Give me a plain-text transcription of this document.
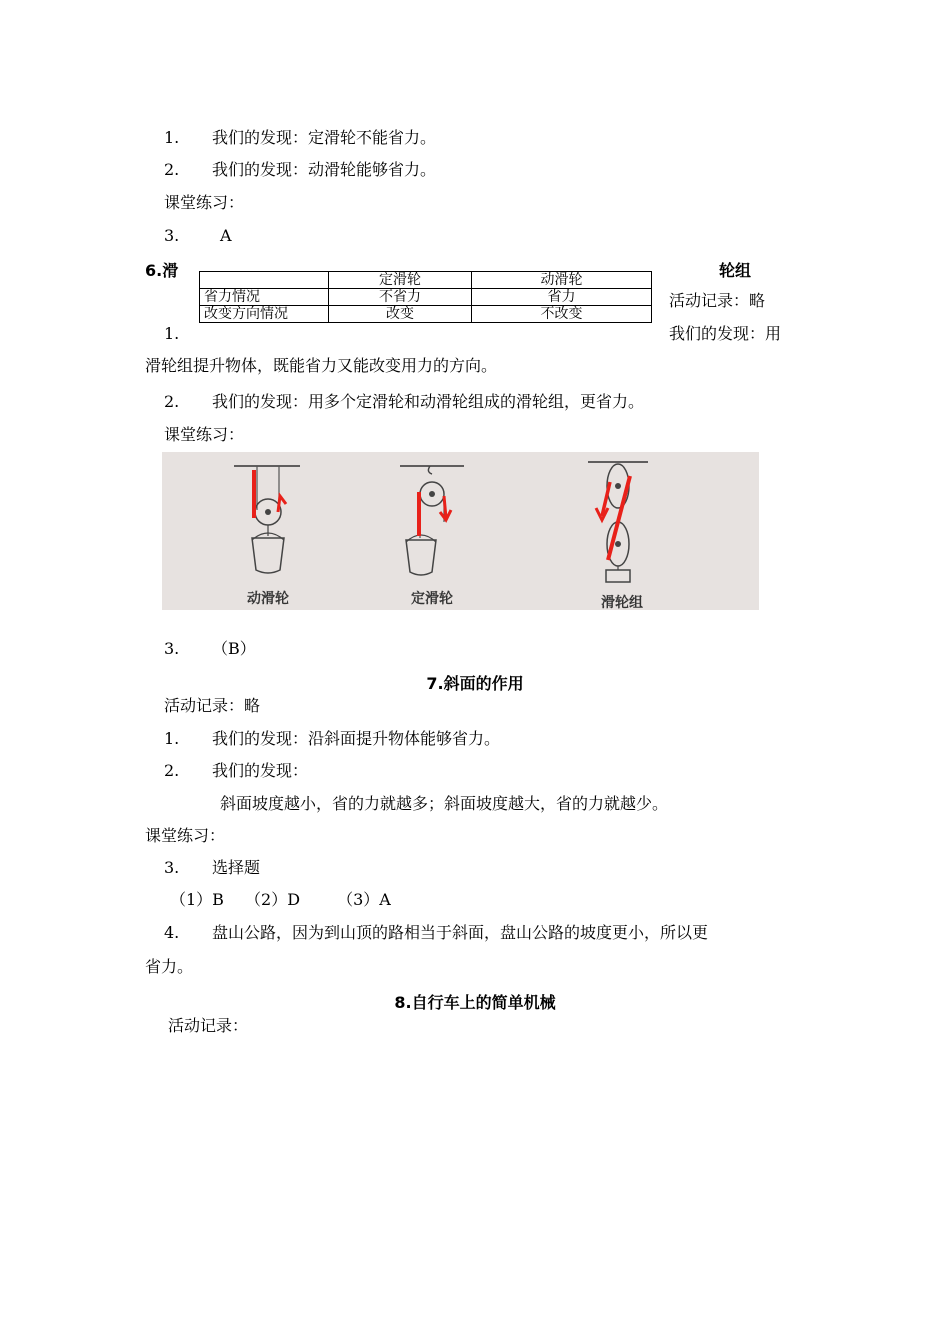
1. 我们的发现：定滑轮不能省力。
2. 我们的发现：动滑轮能够省力。
课堂练习：
3.	A
6.滑	轮组
	定滑轮	动滑轮
省力情况	不省力	省力
改变方向情况	改变	不改变
活动记录：略
1.	我们的发现：用
滑轮组提升物体，既能省力又能改变用力的方向。
2. 我们的发现：用多个定滑轮和动滑轮组成的滑轮组，更省力。
课堂练习：
动滑轮	定滑轮	滑轮组
3. （B）
7.斜面的作用
活动记录：略
1. 我们的发现：沿斜面提升物体能够省力。
2. 我们的发现：
斜面坡度越小，省的力就越多；斜面坡度越大，省的力就越少。
课堂练习：
3. 选择题
（1）B　 （2）D　　 （3）A
4. 盘山公路，因为到山顶的路相当于斜面，盘山公路的坡度更小，所以更
省力。
8.自行车上的简单机械
活动记录：
